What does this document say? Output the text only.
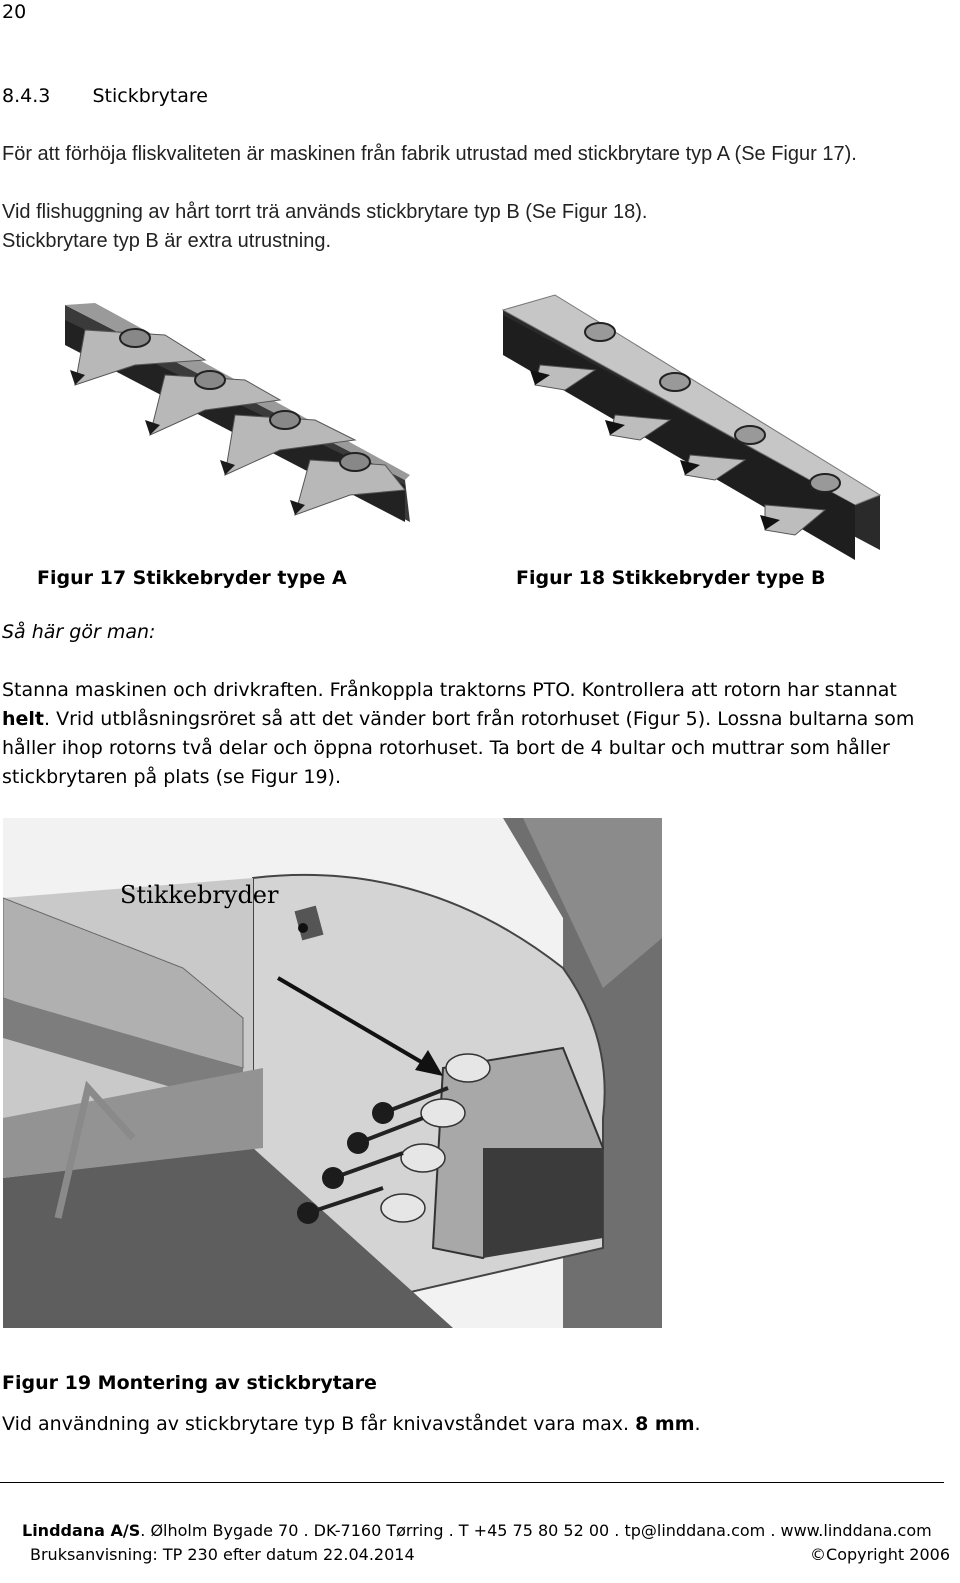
20
8.4.3 Stickbrytare
För att förhöja fliskvaliteten är maskinen från fabrik utrustad med stickbrytare typ A (Se Figur 17).
Vid flishuggning av hårt torrt trä används stickbrytare typ B (Se Figur 18).
Stickbrytare typ B är extra utrustning.
Figur 17 Stikkebryder type A	Figur 18 Stikkebryder type B
Så här gör man:
Stanna maskinen och drivkraften. Frånkoppla traktorns PTO. Kontrollera att rotorn har stannat helt. Vrid utblåsningsröret så att det vänder bort från rotorhuset (Figur 5). Lossna bultarna som håller ihop rotorns två delar och öppna rotorhuset. Ta bort de 4 bultar och muttrar som håller stickbrytaren på plats (se Figur 19).
Stikkebryder
Figur 19 Montering av stickbrytare
Vid användning av stickbrytare typ B får knivavståndet vara max. 8 mm.
Linddana A/S. Ølholm Bygade 70 . DK-7160 Tørring . T +45 75 80 52 00 . tp@linddana.com . www.linddana.com
Bruksanvisning: TP 230 efter datum 22.04.2014	©Copyright 2006
